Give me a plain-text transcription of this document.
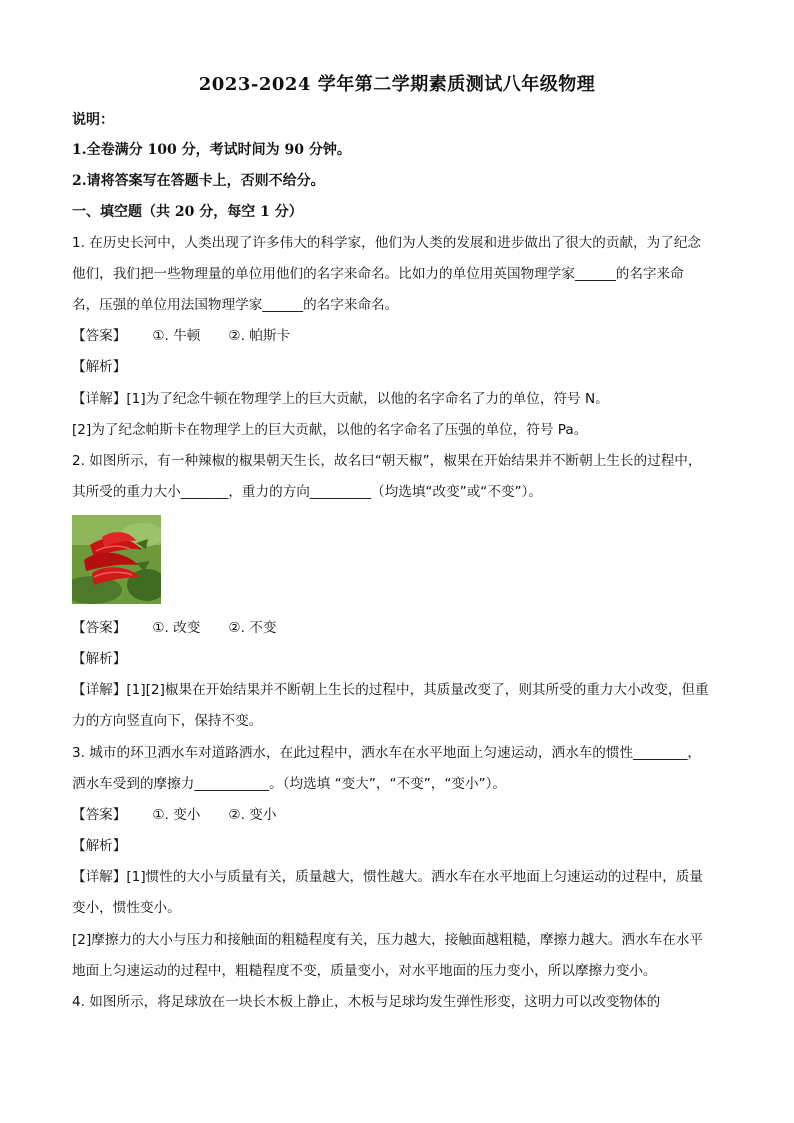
2023-2024 学年第二学期素质测试八年级物理
说明：
1.全卷满分 100 分，考试时间为 90 分钟。
2.请将答案写在答题卡上，否则不给分。
一、填空题（共 20 分，每空 1 分）
1. 在历史长河中，人类出现了许多伟大的科学家，他们为人类的发展和进步做出了很大的贡献，为了纪念
他们，我们把一些物理量的单位用他们的名字来命名。比如力的单位用英国物理学家______的名字来命
名，压强的单位用法国物理学家______的名字来命名。
【答案】 ①. 牛顿 ②. 帕斯卡
【解析】
【详解】[1]为了纪念牛顿在物理学上的巨大贡献，以他的名字命名了力的单位，符号 N。
[2]为了纪念帕斯卡在物理学上的巨大贡献，以他的名字命名了压强的单位，符号 Pa。
2. 如图所示，有一种辣椒的椒果朝天生长，故名曰“朝天椒”，椒果在开始结果并不断朝上生长的过程中，
其所受的重力大小_______，重力的方向_________（均选填“改变”或“不变”）。
【答案】 ①. 改变 ②. 不变
【解析】
【详解】[1][2]椒果在开始结果并不断朝上生长的过程中，其质量改变了，则其所受的重力大小改变，但重
力的方向竖直向下，保持不变。
3. 城市的环卫洒水车对道路洒水，在此过程中，洒水车在水平地面上匀速运动，洒水车的惯性________，
洒水车受到的摩擦力___________。（均选填 “变大”，“不变”，“变小”）。
【答案】 ①. 变小 ②. 变小
【解析】
【详解】[1]惯性的大小与质量有关，质量越大，惯性越大。洒水车在水平地面上匀速运动的过程中，质量
变小，惯性变小。
[2]摩擦力的大小与压力和接触面的粗糙程度有关，压力越大，接触面越粗糙，摩擦力越大。洒水车在水平
地面上匀速运动的过程中，粗糙程度不变，质量变小，对水平地面的压力变小，所以摩擦力变小。
4. 如图所示，将足球放在一块长木板上静止，木板与足球均发生弹性形变，这明力可以改变物体的
